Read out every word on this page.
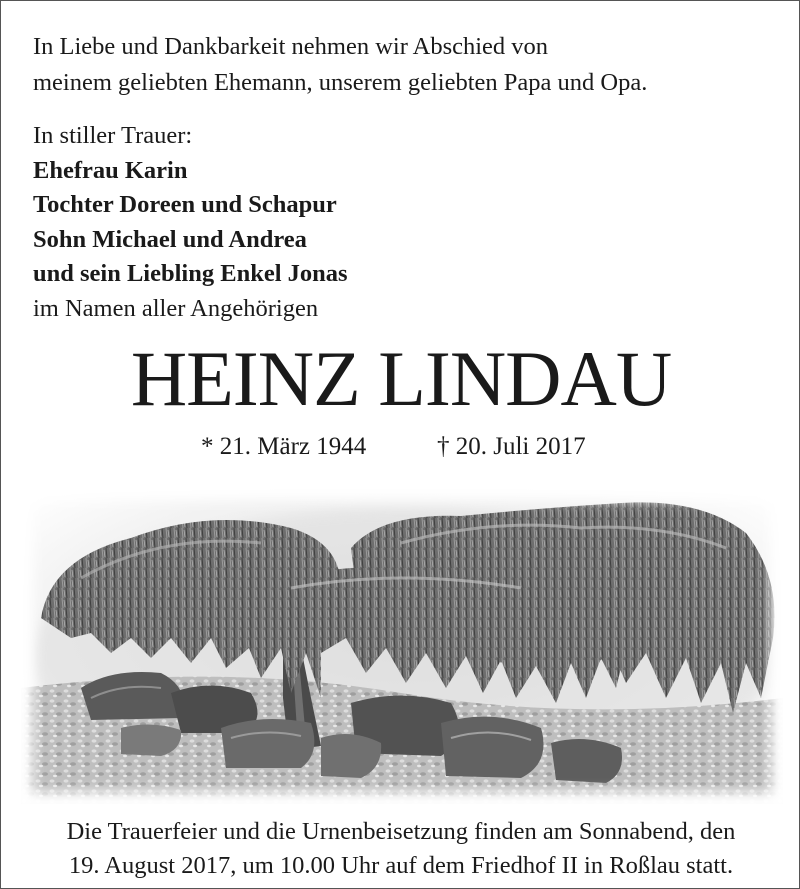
In Liebe und Dankbarkeit nehmen wir Abschied von
meinem geliebten Ehemann, unserem geliebten Papa und Opa.
In stiller Trauer:
Ehefrau Karin
Tochter Doreen und Schapur
Sohn Michael und Andrea
und sein Liebling Enkel Jonas
im Namen aller Angehörigen
HEINZ LINDAU
* 21. März 1944	† 20. Juli 2017
Die Trauerfeier und die Urnenbeisetzung finden am Sonnabend, den
19. August 2017, um 10.00 Uhr auf dem Friedhof II in Roßlau statt.
